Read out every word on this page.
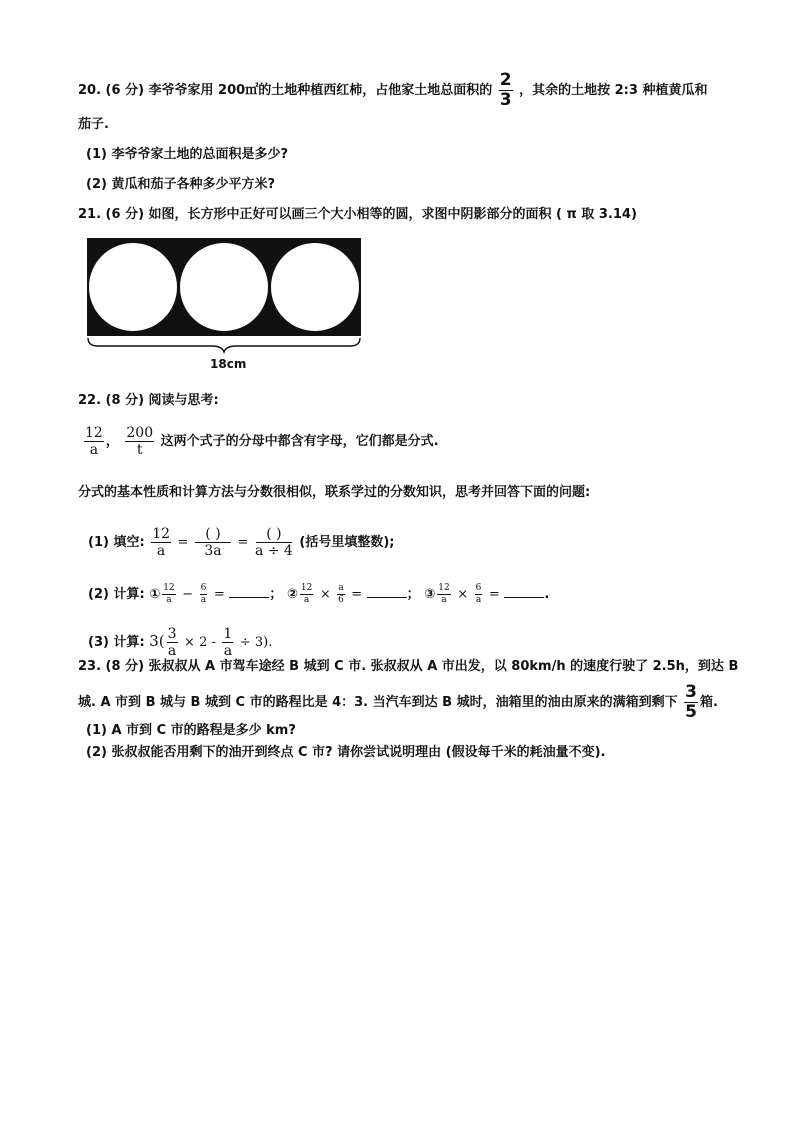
20. (6 分) 李爷爷家用 200㎡的土地种植西红柿，占他家土地总面积的 $\frac{2}{3}$ ，其余的土地按 2:3 种植黄瓜和
茄子.
(1) 李爷爷家土地的总面积是多少?
(2) 黄瓜和茄子各种多少平方米?
21. (6 分) 如图，长方形中正好可以画三个大小相等的圆，求图中阴影部分的面积 ( π 取 3.14)
18cm
22. (8 分) 阅读与思考:
$\frac{12}{a}$ ， $\frac{200}{t}$ 这两个式子的分母中都含有字母，它们都是分式.
分式的基本性质和计算方法与分数很相似，联系学过的分数知识，思考并回答下面的问题:
(1) 填空: $\frac{12}{a} = \frac{( )}{3a} = \frac{( )}{a \div 4}$ (括号里填整数);
(2) 计算: ① $\frac{12}{a} - \frac{6}{a}$ =	； ② $\frac{12}{a} \times \frac{a}{6}$ =	； ③ $\frac{12}{a} \times \frac{6}{a}$ =	.
(3) 计算: $3( \frac{3}{a} \times 2 - \frac{1}{a} \div 3)$.
23. (8 分) 张叔叔从 A 市驾车途经 B 城到 C 市. 张叔叔从 A 市出发，以 80km/h 的速度行驶了 2.5h，到达 B
城. A 市到 B 城与 B 城到 C 市的路程比是 4：3. 当汽车到达 B 城时，油箱里的油由原来的满箱到剩下 $\frac{3}{5}$ 箱.
(1) A 市到 C 市的路程是多少 km?
(2) 张叔叔能否用剩下的油开到终点 C 市? 请你尝试说明理由 (假设每千米的耗油量不变).
